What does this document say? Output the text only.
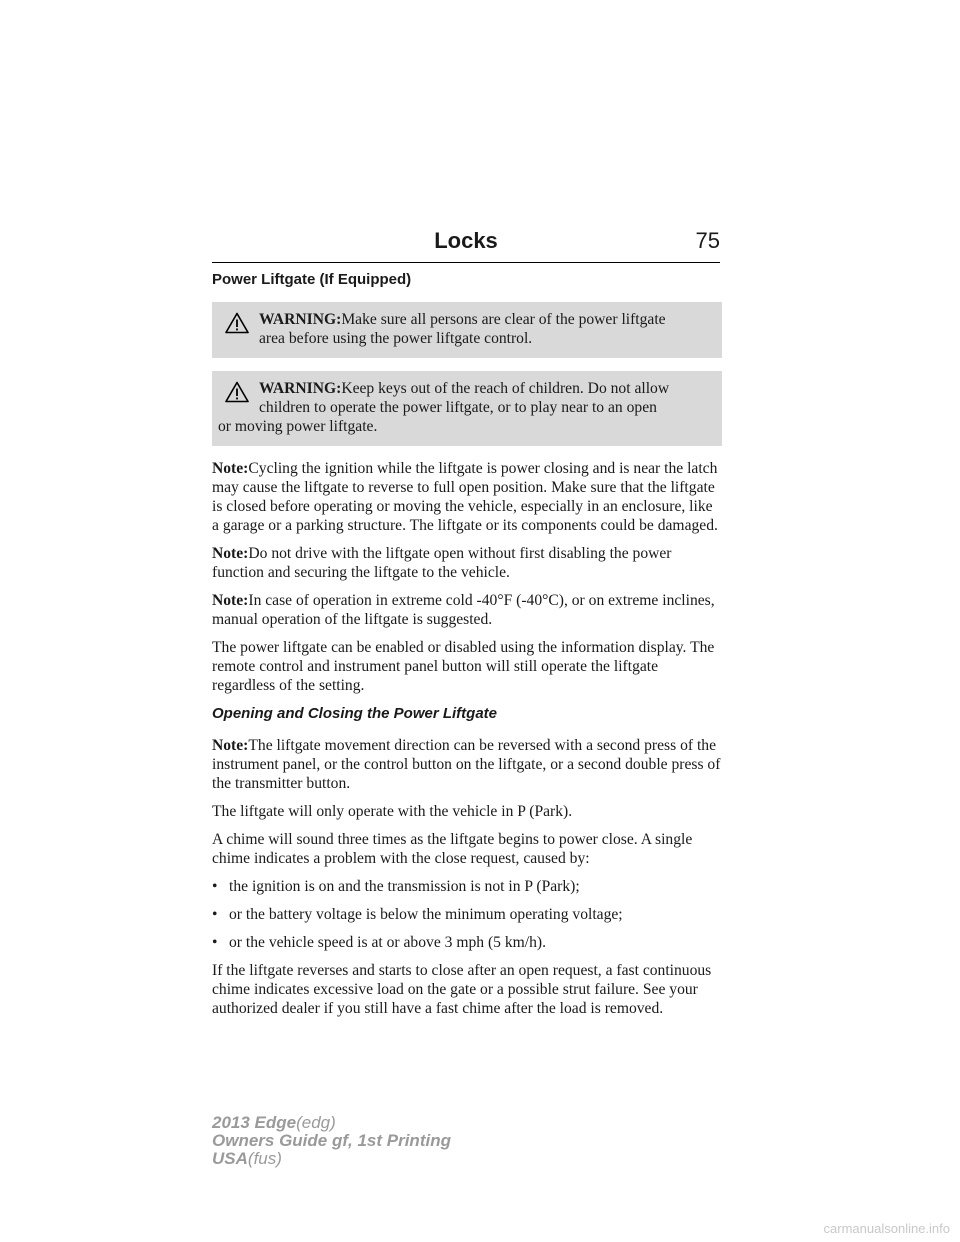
Locks	75
Power Liftgate (If Equipped)
WARNING:Make sure all persons are clear of the power liftgate
area before using the power liftgate control.
WARNING:Keep keys out of the reach of children. Do not allow
children to operate the power liftgate, or to play near to an open
or moving power liftgate.

Note:Cycling the ignition while the liftgate is power closing and is near the latch may cause the liftgate to reverse to full open position. Make sure that the liftgate is closed before operating or moving the vehicle, especially in an enclosure, like a garage or a parking structure. The liftgate or its components could be damaged.

Note:Do not drive with the liftgate open without first disabling the power function and securing the liftgate to the vehicle.

Note:In case of operation in extreme cold -40°F (-40°C), or on extreme inclines, manual operation of the liftgate is suggested.

The power liftgate can be enabled or disabled using the information display. The remote control and instrument panel button will still operate the liftgate regardless of the setting.

Opening and Closing the Power Liftgate

Note:The liftgate movement direction can be reversed with a second press of the instrument panel, or the control button on the liftgate, or a second double press of the transmitter button.

The liftgate will only operate with the vehicle in P (Park).

A chime will sound three times as the liftgate begins to power close. A single chime indicates a problem with the close request, caused by:

• the ignition is on and the transmission is not in P (Park);
• or the battery voltage is below the minimum operating voltage;
• or the vehicle speed is at or above 3 mph (5 km/h).

If the liftgate reverses and starts to close after an open request, a fast continuous chime indicates excessive load on the gate or a possible strut failure. See your authorized dealer if you still have a fast chime after the load is removed.

2013 Edge(edg)
Owners Guide gf, 1st Printing
USA(fus)
carmanualsonline.info
